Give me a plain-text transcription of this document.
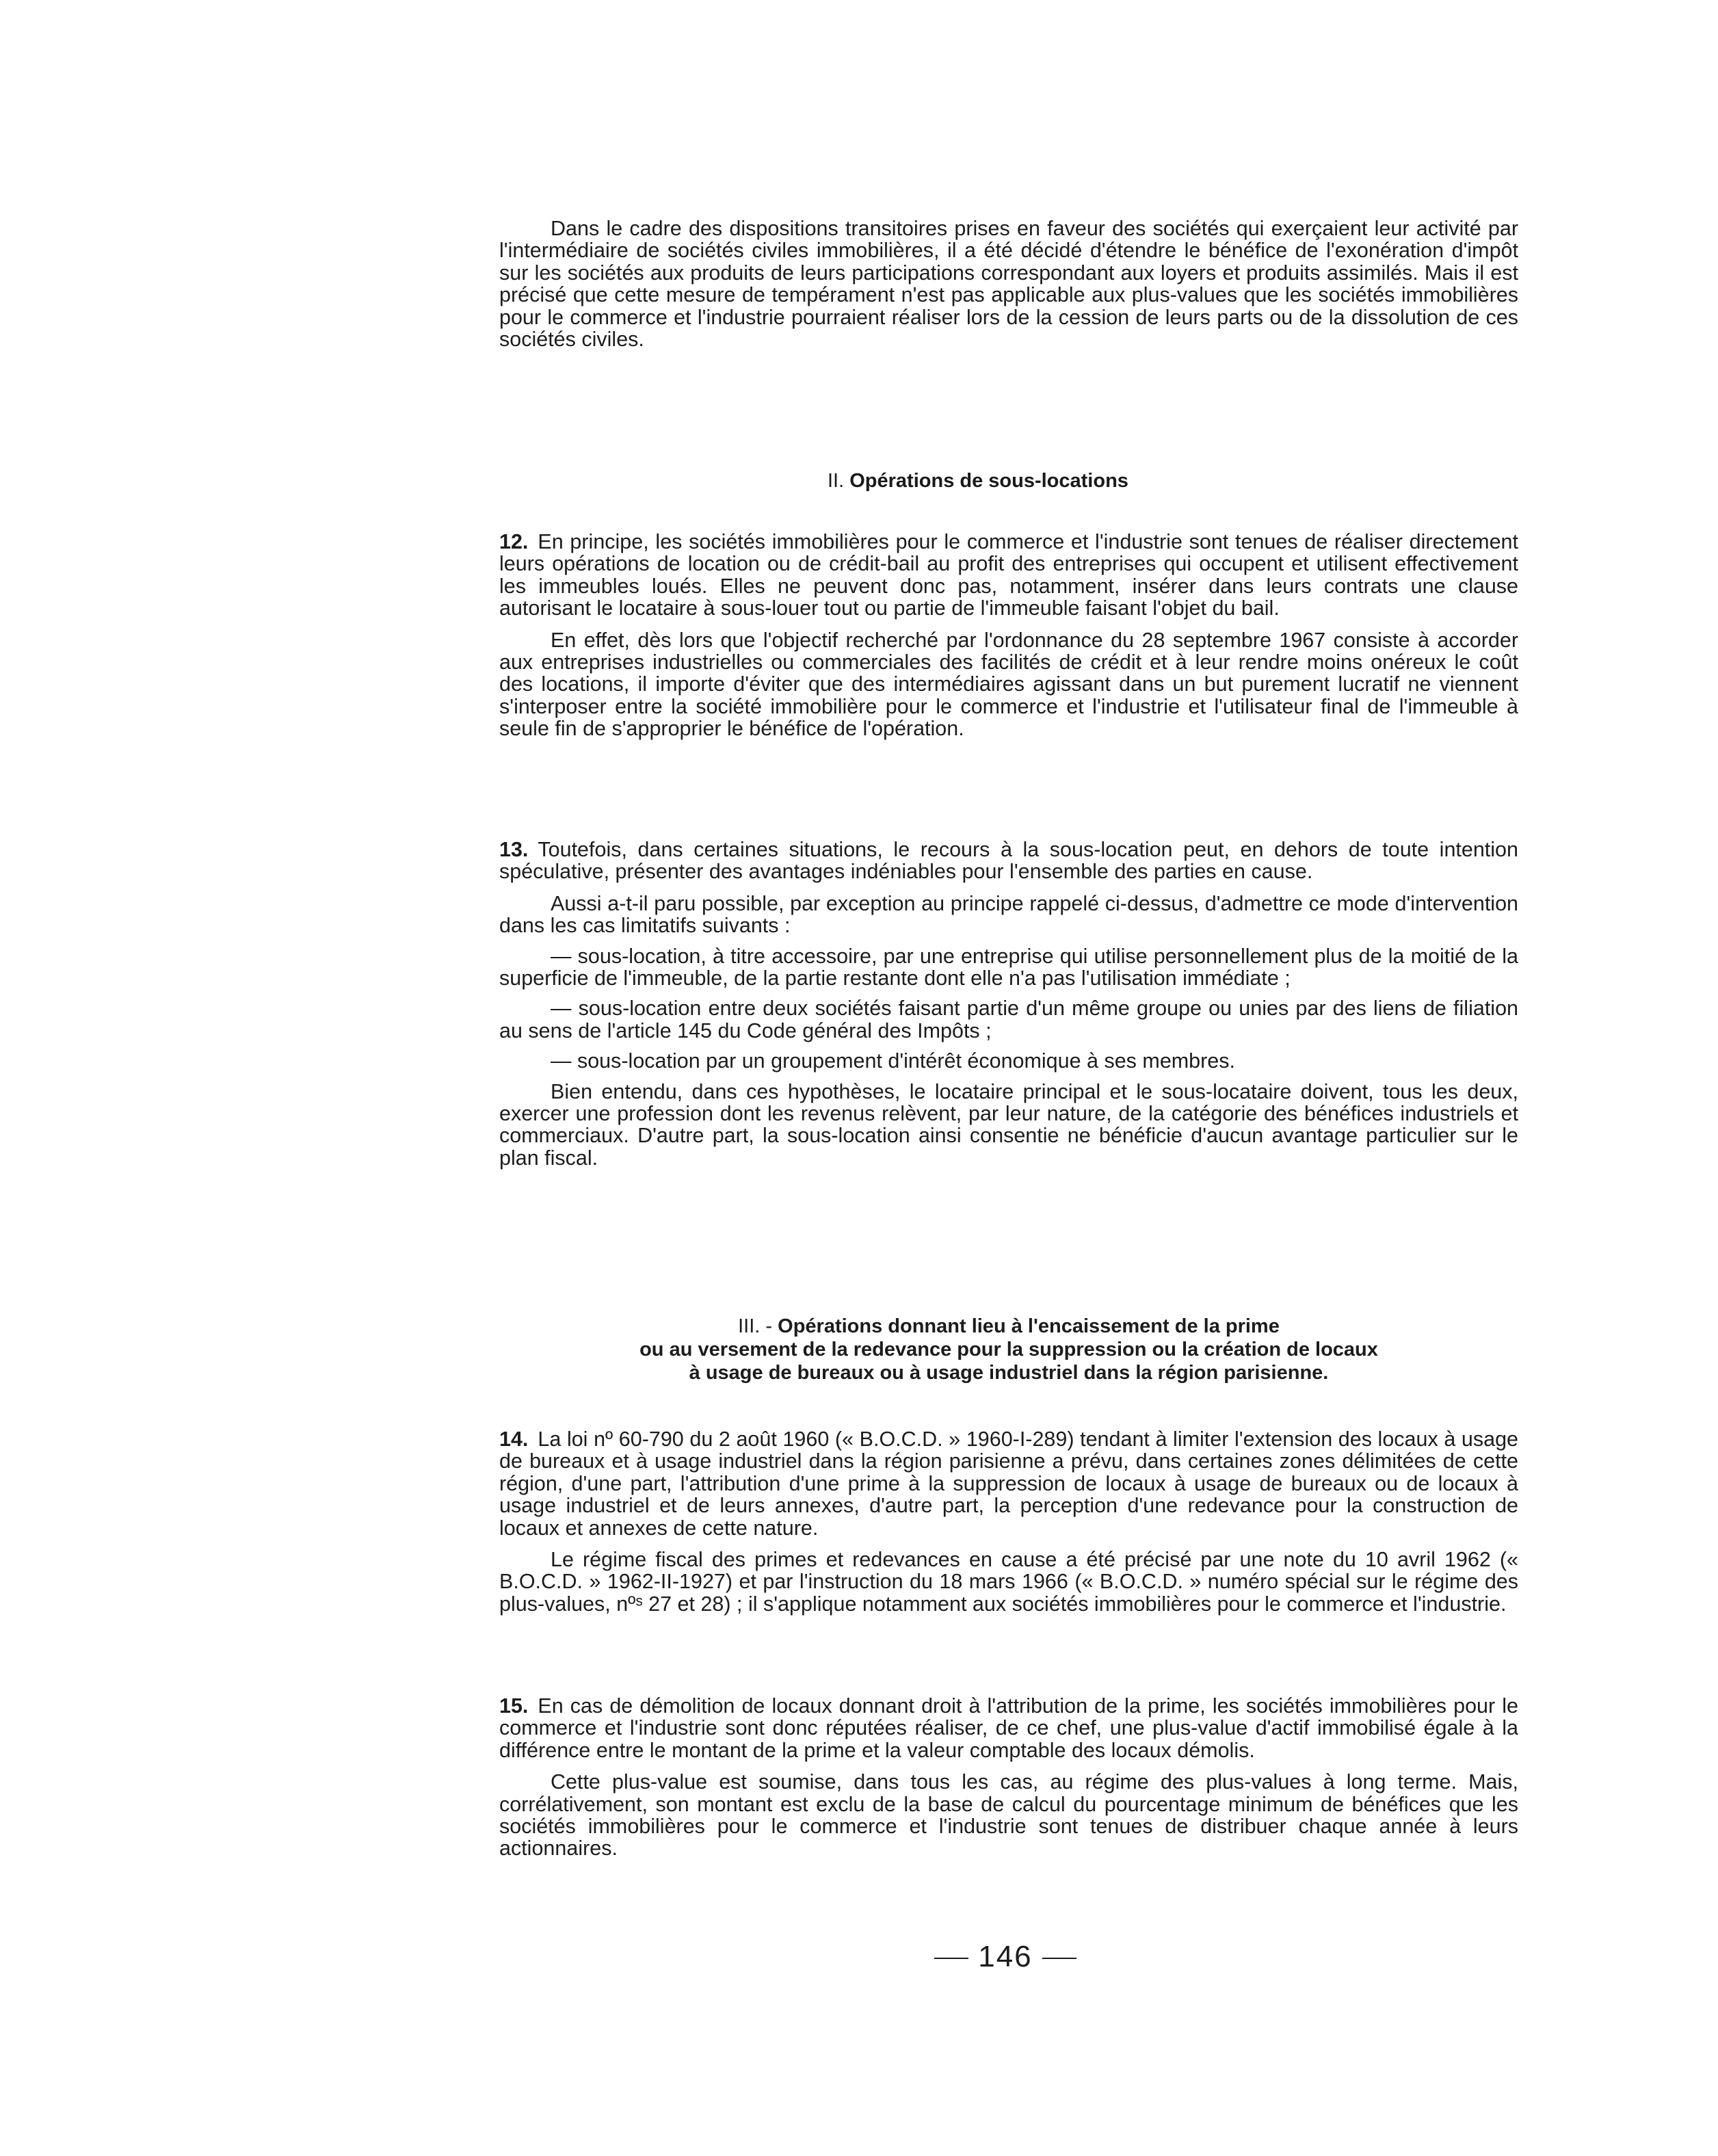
Dans le cadre des dispositions transitoires prises en faveur des sociétés qui exerçaient leur activité par l'intermédiaire de sociétés civiles immobilières, il a été décidé d'étendre le bénéfice de l'exonération d'impôt sur les sociétés aux produits de leurs participations correspondant aux loyers et produits assimilés. Mais il est précisé que cette mesure de tempérament n'est pas applicable aux plus-values que les sociétés immobilières pour le commerce et l'industrie pourraient réaliser lors de la cession de leurs parts ou de la dissolution de ces sociétés civiles.

II. Opérations de sous-locations

12. En principe, les sociétés immobilières pour le commerce et l'industrie sont tenues de réaliser directement leurs opérations de location ou de crédit-bail au profit des entreprises qui occupent et utilisent effectivement les immeubles loués. Elles ne peuvent donc pas, notamment, insérer dans leurs contrats une clause autorisant le locataire à sous-louer tout ou partie de l'immeuble faisant l'objet du bail.

En effet, dès lors que l'objectif recherché par l'ordonnance du 28 septembre 1967 consiste à accorder aux entreprises industrielles ou commerciales des facilités de crédit et à leur rendre moins onéreux le coût des locations, il importe d'éviter que des intermédiaires agissant dans un but purement lucratif ne viennent s'interposer entre la société immobilière pour le commerce et l'industrie et l'utilisateur final de l'immeuble à seule fin de s'approprier le bénéfice de l'opération.

13. Toutefois, dans certaines situations, le recours à la sous-location peut, en dehors de toute intention spéculative, présenter des avantages indéniables pour l'ensemble des parties en cause.

Aussi a-t-il paru possible, par exception au principe rappelé ci-dessus, d'admettre ce mode d'intervention dans les cas limitatifs suivants :

— sous-location, à titre accessoire, par une entreprise qui utilise personnellement plus de la moitié de la superficie de l'immeuble, de la partie restante dont elle n'a pas l'utilisation immédiate ;

— sous-location entre deux sociétés faisant partie d'un même groupe ou unies par des liens de filiation au sens de l'article 145 du Code général des Impôts ;

— sous-location par un groupement d'intérêt économique à ses membres.

Bien entendu, dans ces hypothèses, le locataire principal et le sous-locataire doivent, tous les deux, exercer une profession dont les revenus relèvent, par leur nature, de la catégorie des bénéfices industriels et commerciaux. D'autre part, la sous-location ainsi consentie ne bénéficie d'aucun avantage particulier sur le plan fiscal.

III. - Opérations donnant lieu à l'encaissement de la prime
ou au versement de la redevance pour la suppression ou la création de locaux
à usage de bureaux ou à usage industriel dans la région parisienne.

14. La loi nº 60-790 du 2 août 1960 (« B.O.C.D. » 1960-I-289) tendant à limiter l'extension des locaux à usage de bureaux et à usage industriel dans la région parisienne a prévu, dans certaines zones délimitées de cette région, d'une part, l'attribution d'une prime à la suppression de locaux à usage de bureaux ou de locaux à usage industriel et de leurs annexes, d'autre part, la perception d'une redevance pour la construction de locaux et annexes de cette nature.

Le régime fiscal des primes et redevances en cause a été précisé par une note du 10 avril 1962 (« B.O.C.D. » 1962-II-1927) et par l'instruction du 18 mars 1966 (« B.O.C.D. » numéro spécial sur le régime des plus-values, nºˢ 27 et 28) ; il s'applique notamment aux sociétés immobilières pour le commerce et l'industrie.

15. En cas de démolition de locaux donnant droit à l'attribution de la prime, les sociétés immobilières pour le commerce et l'industrie sont donc réputées réaliser, de ce chef, une plus-value d'actif immobilisé égale à la différence entre le montant de la prime et la valeur comptable des locaux démolis.

Cette plus-value est soumise, dans tous les cas, au régime des plus-values à long terme. Mais, corrélativement, son montant est exclu de la base de calcul du pourcentage minimum de bénéfices que les sociétés immobilières pour le commerce et l'industrie sont tenues de distribuer chaque année à leurs actionnaires.

146
